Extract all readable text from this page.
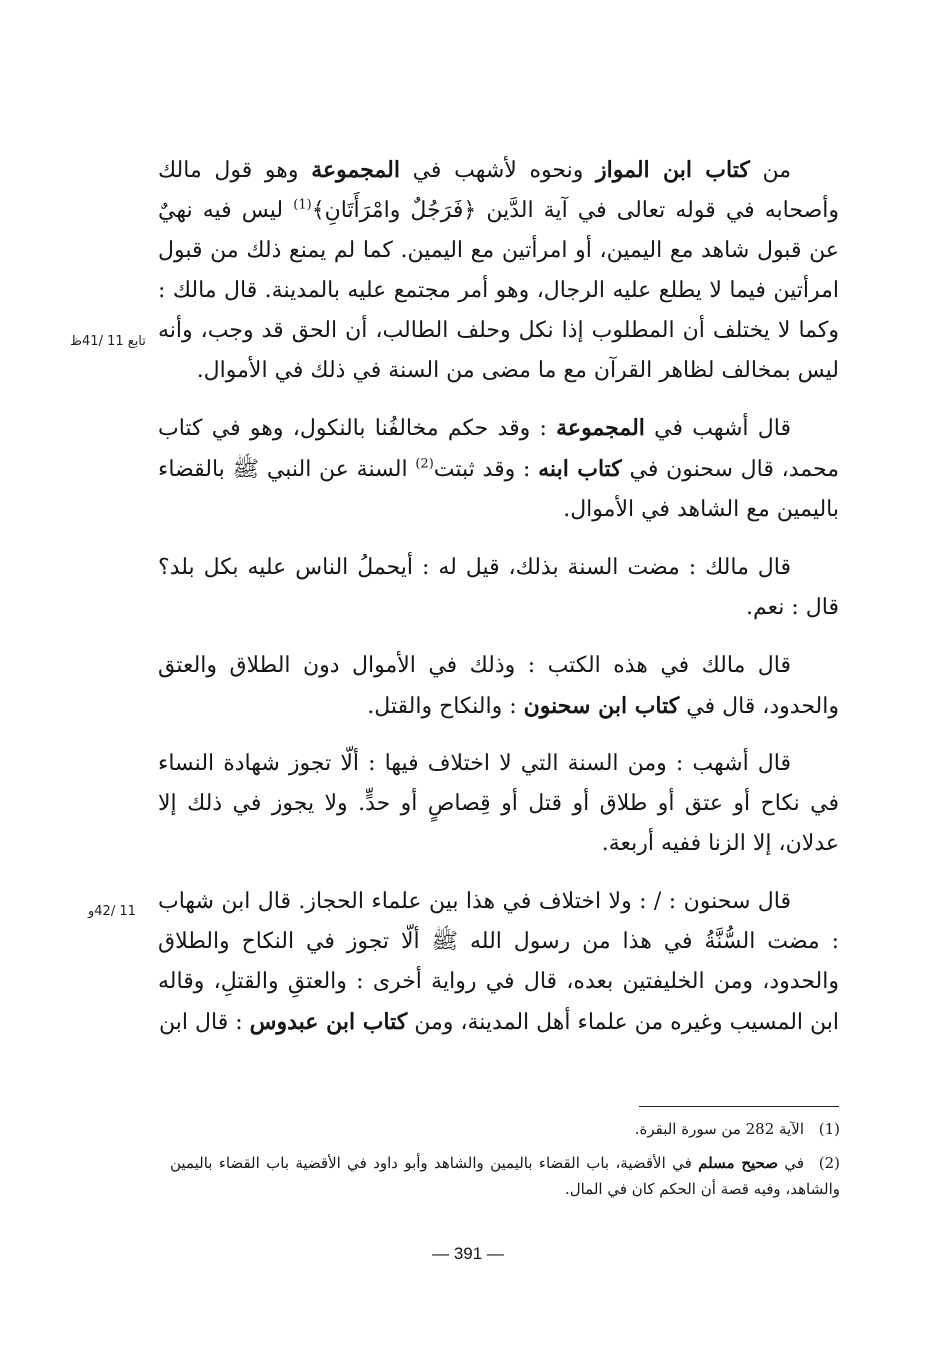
من كتاب ابن المواز ونحوه لأشهب في المجموعة وهو قول مالك وأصحابه في قوله تعالى في آية الدَّين ﴿فَرَجُلٌ وامْرَأَتَانِ﴾$^{(1)}$ ليس فيه نهيٌ عن قبول شاهد مع اليمين، أو امرأتين مع اليمين. كما لم يمنع ذلك من قبول امرأتين فيما لا يطلع عليه الرجال، وهو أمر مجتمع عليه بالمدينة. قال مالك : وكما لا يختلف أن المطلوب إذا نكل وحلف الطالب، أن الحق قد وجب، وأنه ليس بمخالف لظاهر القرآن مع ما مضى من السنة في ذلك في الأموال.
قال أشهب في المجموعة : وقد حكم مخالفُنا بالنكول، وهو في كتاب محمد، قال سحنون في كتاب ابنه : وقد ثبتت$^{(2)}$ السنة عن النبي ﷺ بالقضاء باليمين مع الشاهد في الأموال.
قال مالك : مضت السنة بذلك، قيل له : أيحملُ الناس عليه بكل بلد؟ قال : نعم.
قال مالك في هذه الكتب : وذلك في الأموال دون الطلاق والعتق والحدود، قال في كتاب ابن سحنون : والنكاح والقتل.
قال أشهب : ومن السنة التي لا اختلاف فيها : ألّا تجوز شهادة النساء في نكاح أو عتق أو طلاق أو قتل أو قِصاصٍ أو حدٍّ. ولا يجوز في ذلك إلا عدلان، إلا الزنا ففيه أربعة.
قال سحنون : / : ولا اختلاف في هذا بين علماء الحجاز. قال ابن شهاب : مضت السُّنَّةُ في هذا من رسول الله ﷺ ألّا تجوز في النكاح والطلاق والحدود، ومن الخليفتين بعده، قال في رواية أخرى : والعتقِ والقتلِ، وقاله ابن المسيب وغيره من علماء أهل المدينة، ومن كتاب ابن عبدوس : قال ابن
تابع 11 /41ظ
11 /42و
(1)الآية 282 من سورة البقرة.
(2)في صحيح مسلم في الأقضية، باب القضاء باليمين والشاهد وأبو داود في الأقضية باب القضاء باليمين والشاهد، وفيه قصة أن الحكم كان في المال.
— 391 —
